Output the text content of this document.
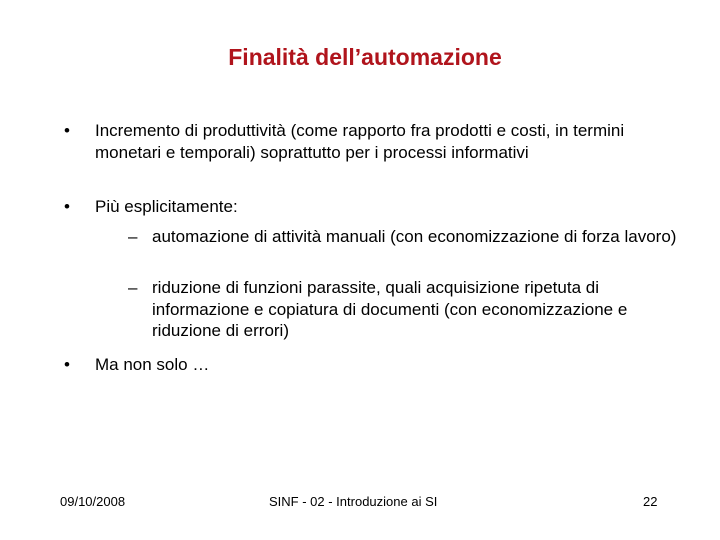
Finalità dell’automazione
• Incremento di produttività (come rapporto fra prodotti e costi, in termini monetari e temporali) soprattutto per i processi informativi
• Più esplicitamente:
– automazione di attività manuali (con economizzazione di forza lavoro)
– riduzione di funzioni parassite, quali acquisizione ripetuta di informazione e copiatura di documenti (con economizzazione e riduzione di errori)
• Ma non solo …
09/10/2008	SINF - 02 - Introduzione ai SI	22
